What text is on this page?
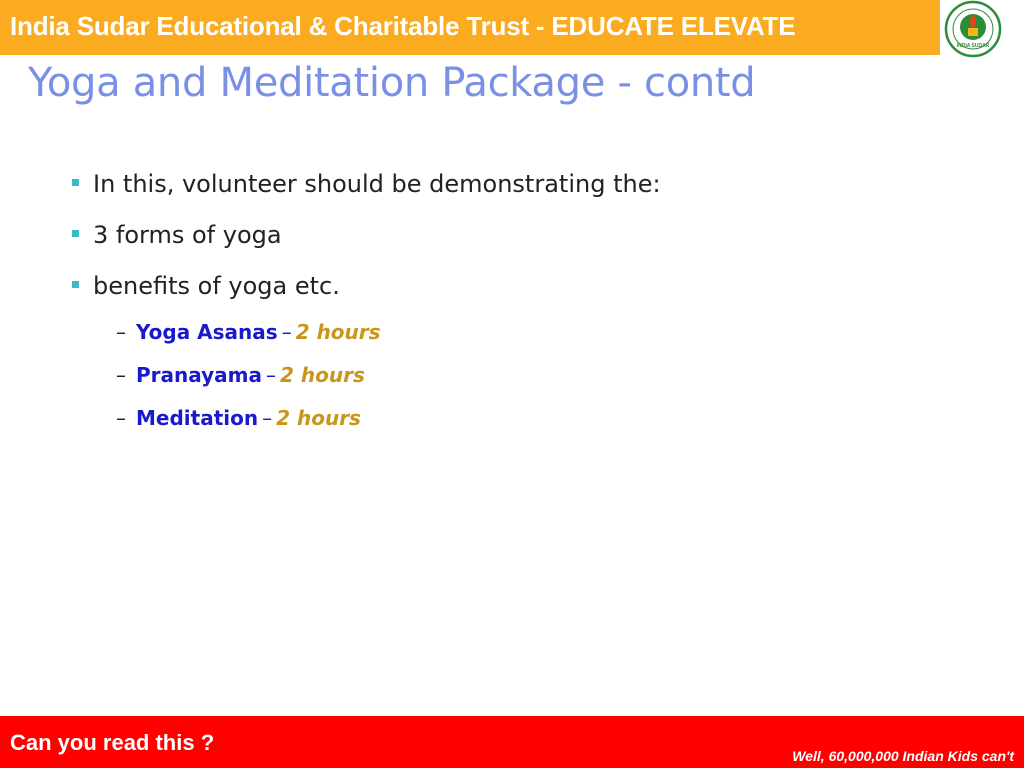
India Sudar Educational & Charitable Trust - EDUCATE ELEVATE
INDIA SUDAR
Yoga and Meditation Package - contd
In this, volunteer should be demonstrating the:
3 forms of yoga
benefits of yoga etc.
– Yoga Asanas – 2 hours
– Pranayama – 2 hours
– Meditation – 2 hours
Can you read this ?
Well, 60,000,000 Indian Kids can't
